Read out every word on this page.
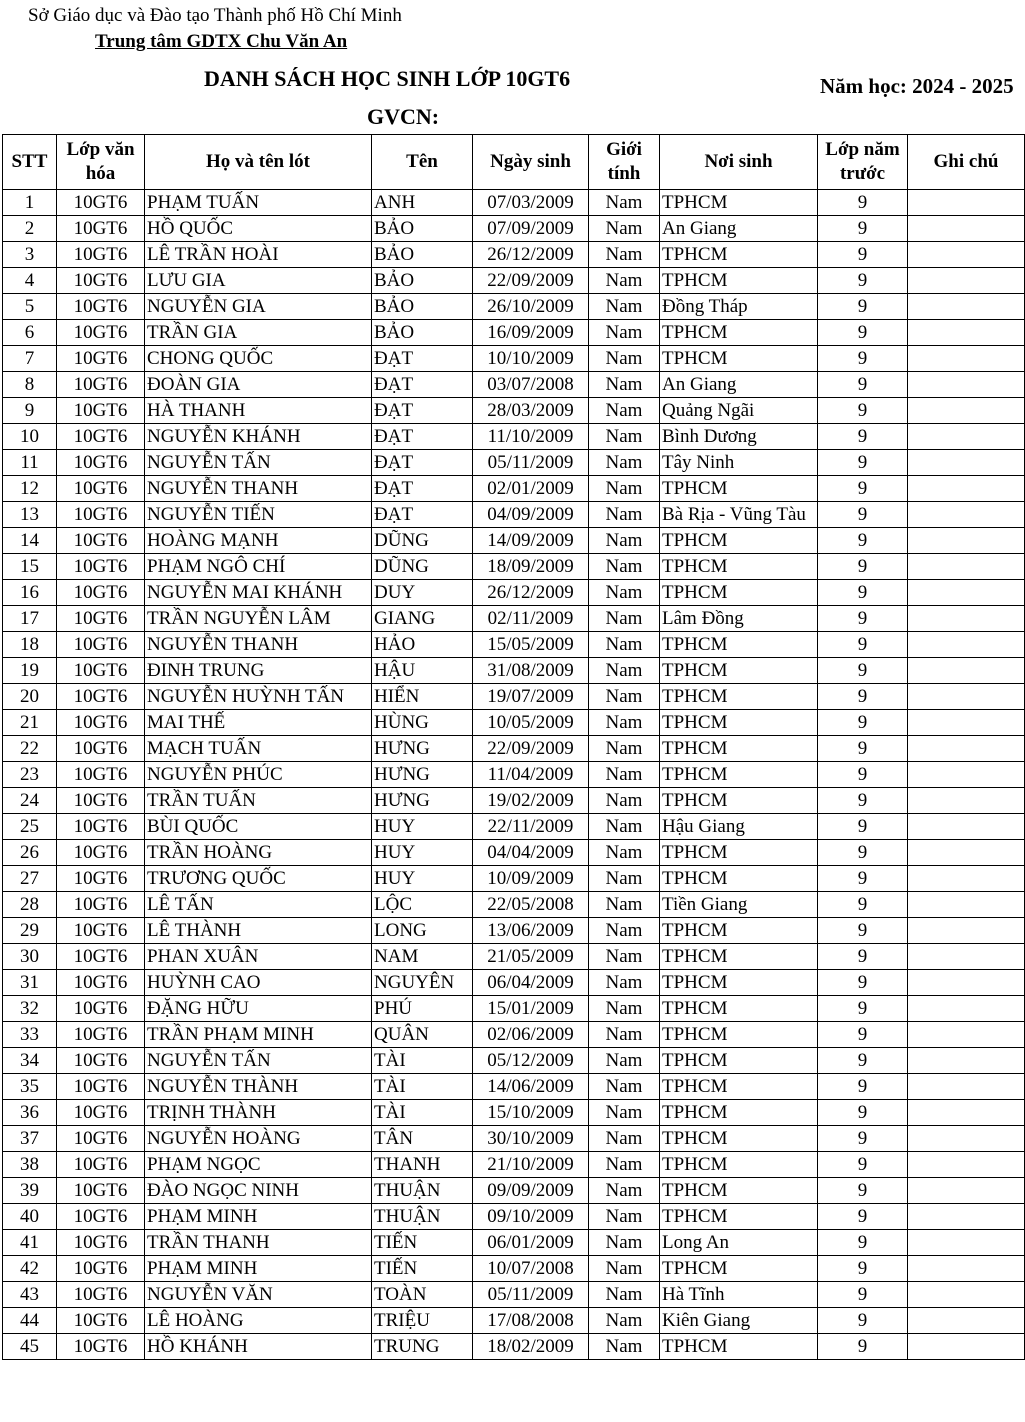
Sở Giáo dục và Đào tạo Thành phố Hồ Chí Minh
Trung tâm GDTX Chu Văn An
DANH SÁCH HỌC SINH LỚP 10GT6	Năm học: 2024 - 2025
GVCN:
STT	Lớp văn hóa	Họ và tên lót	Tên	Ngày sinh	Giới tính	Nơi sinh	Lớp năm trước	Ghi chú
1	10GT6	PHẠM TUẤN	ANH	07/03/2009	Nam	TPHCM	9	
2	10GT6	HỒ QUỐC	BẢO	07/09/2009	Nam	An Giang	9	
3	10GT6	LÊ TRẦN HOÀI	BẢO	26/12/2009	Nam	TPHCM	9	
4	10GT6	LƯU GIA	BẢO	22/09/2009	Nam	TPHCM	9	
5	10GT6	NGUYỄN GIA	BẢO	26/10/2009	Nam	Đồng Tháp	9	
6	10GT6	TRẦN GIA	BẢO	16/09/2009	Nam	TPHCM	9	
7	10GT6	CHONG QUỐC	ĐẠT	10/10/2009	Nam	TPHCM	9	
8	10GT6	ĐOÀN GIA	ĐẠT	03/07/2008	Nam	An Giang	9	
9	10GT6	HÀ THANH	ĐẠT	28/03/2009	Nam	Quảng Ngãi	9	
10	10GT6	NGUYỄN KHÁNH	ĐẠT	11/10/2009	Nam	Bình Dương	9	
11	10GT6	NGUYỄN TẤN	ĐẠT	05/11/2009	Nam	Tây Ninh	9	
12	10GT6	NGUYỄN THANH	ĐẠT	02/01/2009	Nam	TPHCM	9	
13	10GT6	NGUYỄN TIẾN	ĐẠT	04/09/2009	Nam	Bà Rịa - Vũng Tàu	9	
14	10GT6	HOÀNG MẠNH	DŨNG	14/09/2009	Nam	TPHCM	9	
15	10GT6	PHẠM NGÔ CHÍ	DŨNG	18/09/2009	Nam	TPHCM	9	
16	10GT6	NGUYỄN MAI KHÁNH	DUY	26/12/2009	Nam	TPHCM	9	
17	10GT6	TRẦN NGUYỄN LÂM	GIANG	02/11/2009	Nam	Lâm Đồng	9	
18	10GT6	NGUYỄN THANH	HẢO	15/05/2009	Nam	TPHCM	9	
19	10GT6	ĐINH TRUNG	HẬU	31/08/2009	Nam	TPHCM	9	
20	10GT6	NGUYỄN HUỲNH TẤN	HIỂN	19/07/2009	Nam	TPHCM	9	
21	10GT6	MAI THẾ	HÙNG	10/05/2009	Nam	TPHCM	9	
22	10GT6	MẠCH TUẤN	HƯNG	22/09/2009	Nam	TPHCM	9	
23	10GT6	NGUYỄN PHÚC	HƯNG	11/04/2009	Nam	TPHCM	9	
24	10GT6	TRẦN TUẤN	HƯNG	19/02/2009	Nam	TPHCM	9	
25	10GT6	BÙI QUỐC	HUY	22/11/2009	Nam	Hậu Giang	9	
26	10GT6	TRẦN HOÀNG	HUY	04/04/2009	Nam	TPHCM	9	
27	10GT6	TRƯƠNG QUỐC	HUY	10/09/2009	Nam	TPHCM	9	
28	10GT6	LÊ TẤN	LỘC	22/05/2008	Nam	Tiền Giang	9	
29	10GT6	LÊ THÀNH	LONG	13/06/2009	Nam	TPHCM	9	
30	10GT6	PHAN XUÂN	NAM	21/05/2009	Nam	TPHCM	9	
31	10GT6	HUỲNH CAO	NGUYÊN	06/04/2009	Nam	TPHCM	9	
32	10GT6	ĐẶNG HỮU	PHÚ	15/01/2009	Nam	TPHCM	9	
33	10GT6	TRẦN PHẠM MINH	QUÂN	02/06/2009	Nam	TPHCM	9	
34	10GT6	NGUYỄN TẤN	TÀI	05/12/2009	Nam	TPHCM	9	
35	10GT6	NGUYỄN THÀNH	TÀI	14/06/2009	Nam	TPHCM	9	
36	10GT6	TRỊNH THÀNH	TÀI	15/10/2009	Nam	TPHCM	9	
37	10GT6	NGUYỄN HOÀNG	TÂN	30/10/2009	Nam	TPHCM	9	
38	10GT6	PHẠM NGỌC	THANH	21/10/2009	Nam	TPHCM	9	
39	10GT6	ĐÀO NGỌC NINH	THUẬN	09/09/2009	Nam	TPHCM	9	
40	10GT6	PHẠM MINH	THUẬN	09/10/2009	Nam	TPHCM	9	
41	10GT6	TRẦN THANH	TIẾN	06/01/2009	Nam	Long An	9	
42	10GT6	PHẠM MINH	TIẾN	10/07/2008	Nam	TPHCM	9	
43	10GT6	NGUYỄN VĂN	TOÀN	05/11/2009	Nam	Hà Tĩnh	9	
44	10GT6	LÊ HOÀNG	TRIỆU	17/08/2008	Nam	Kiên Giang	9	
45	10GT6	HỒ KHÁNH	TRUNG	18/02/2009	Nam	TPHCM	9	
